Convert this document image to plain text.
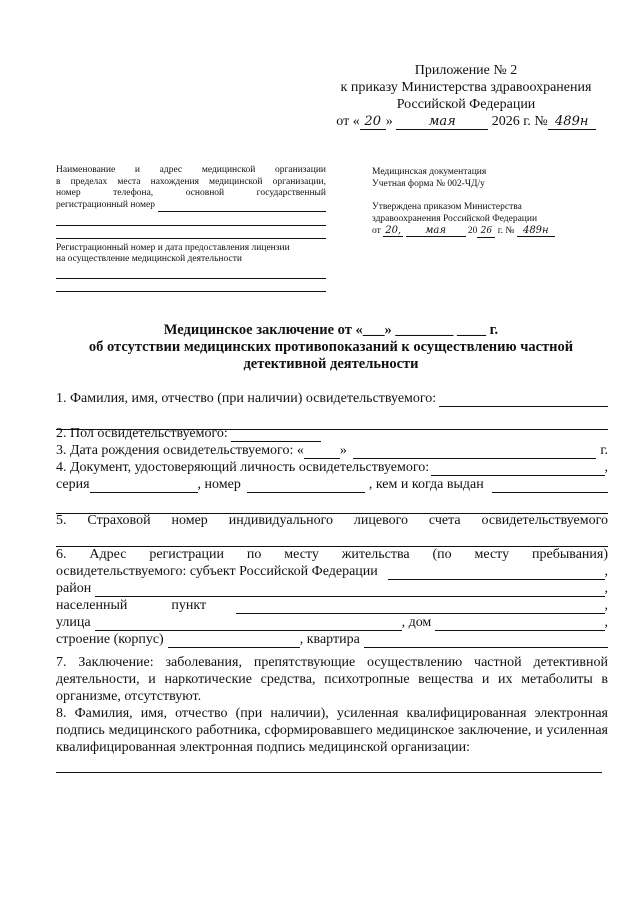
Приложение № 2
к приказу Министерства здравоохранения
Российской Федерации
от « 20 »	мая	2026 г. № 489н
Наименование и адрес медицинской организации
в пределах места нахождения медицинской организации,
номер телефона, основной государственный
регистрационный номер
Регистрационный номер и дата предоставления лицензии
на осуществление медицинской деятельности
Медицинская документация
Учетная форма № 002-ЧД/у
Утверждена приказом Министерства
здравоохранения Российской Федерации
от 20, мая 20 26 г. № 489н
Медицинское заключение от «___» ________ ____ г.
об отсутствии медицинских противопоказаний к осуществлению частной
детективной деятельности
1. Фамилия, имя, отчество (при наличии) освидетельствуемого:
2. Пол освидетельствуемого:
3. Дата рождения освидетельствуемого: «	»	г.
4. Документ, удостоверяющий личность освидетельствуемого:	,
серия	, номер	, кем и когда выдан
5. Страховой номер индивидуального лицевого счета освидетельствуемого
6. Адрес регистрации по месту жительства (по месту пребывания)
освидетельствуемого: субъект Российской Федерации	,
район	,
населенный	пункт	,
улица	, дом	,
строение (корпус)	, квартира
7. Заключение: заболевания, препятствующие осуществлению частной детективной деятельности, и наркотические средства, психотропные вещества и их метаболиты в организме, отсутствуют.
8. Фамилия, имя, отчество (при наличии), усиленная квалифицированная электронная подпись медицинского работника, сформировавшего медицинское заключение, и усиленная квалифицированная электронная подпись медицинской организации:
